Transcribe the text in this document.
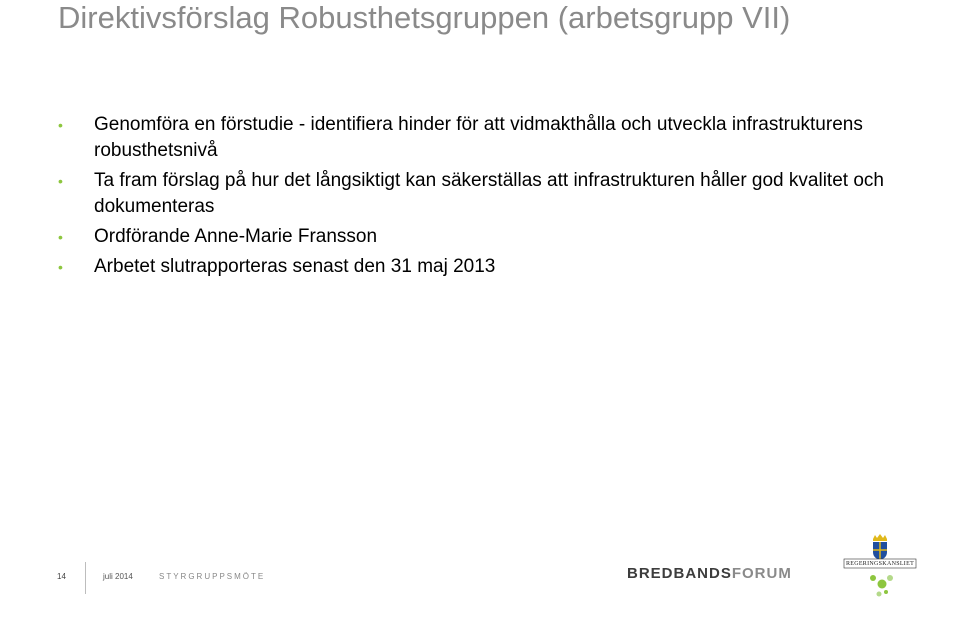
Direktivsförslag Robusthetsgruppen (arbetsgrupp VII)
• Genomföra en förstudie - identifiera hinder för att vidmakthålla och utveckla infrastrukturens robusthetsnivå
• Ta fram förslag på hur det långsiktigt kan säkerställas att infrastrukturen håller god kvalitet och dokumenteras
• Ordförande Anne-Marie Fransson
• Arbetet slutrapporteras senast den 31 maj 2013
14	juli 2014	STYRGRUPPSMÖTE	BREDBANDSFORUM
REGERINGSKANSLIET
